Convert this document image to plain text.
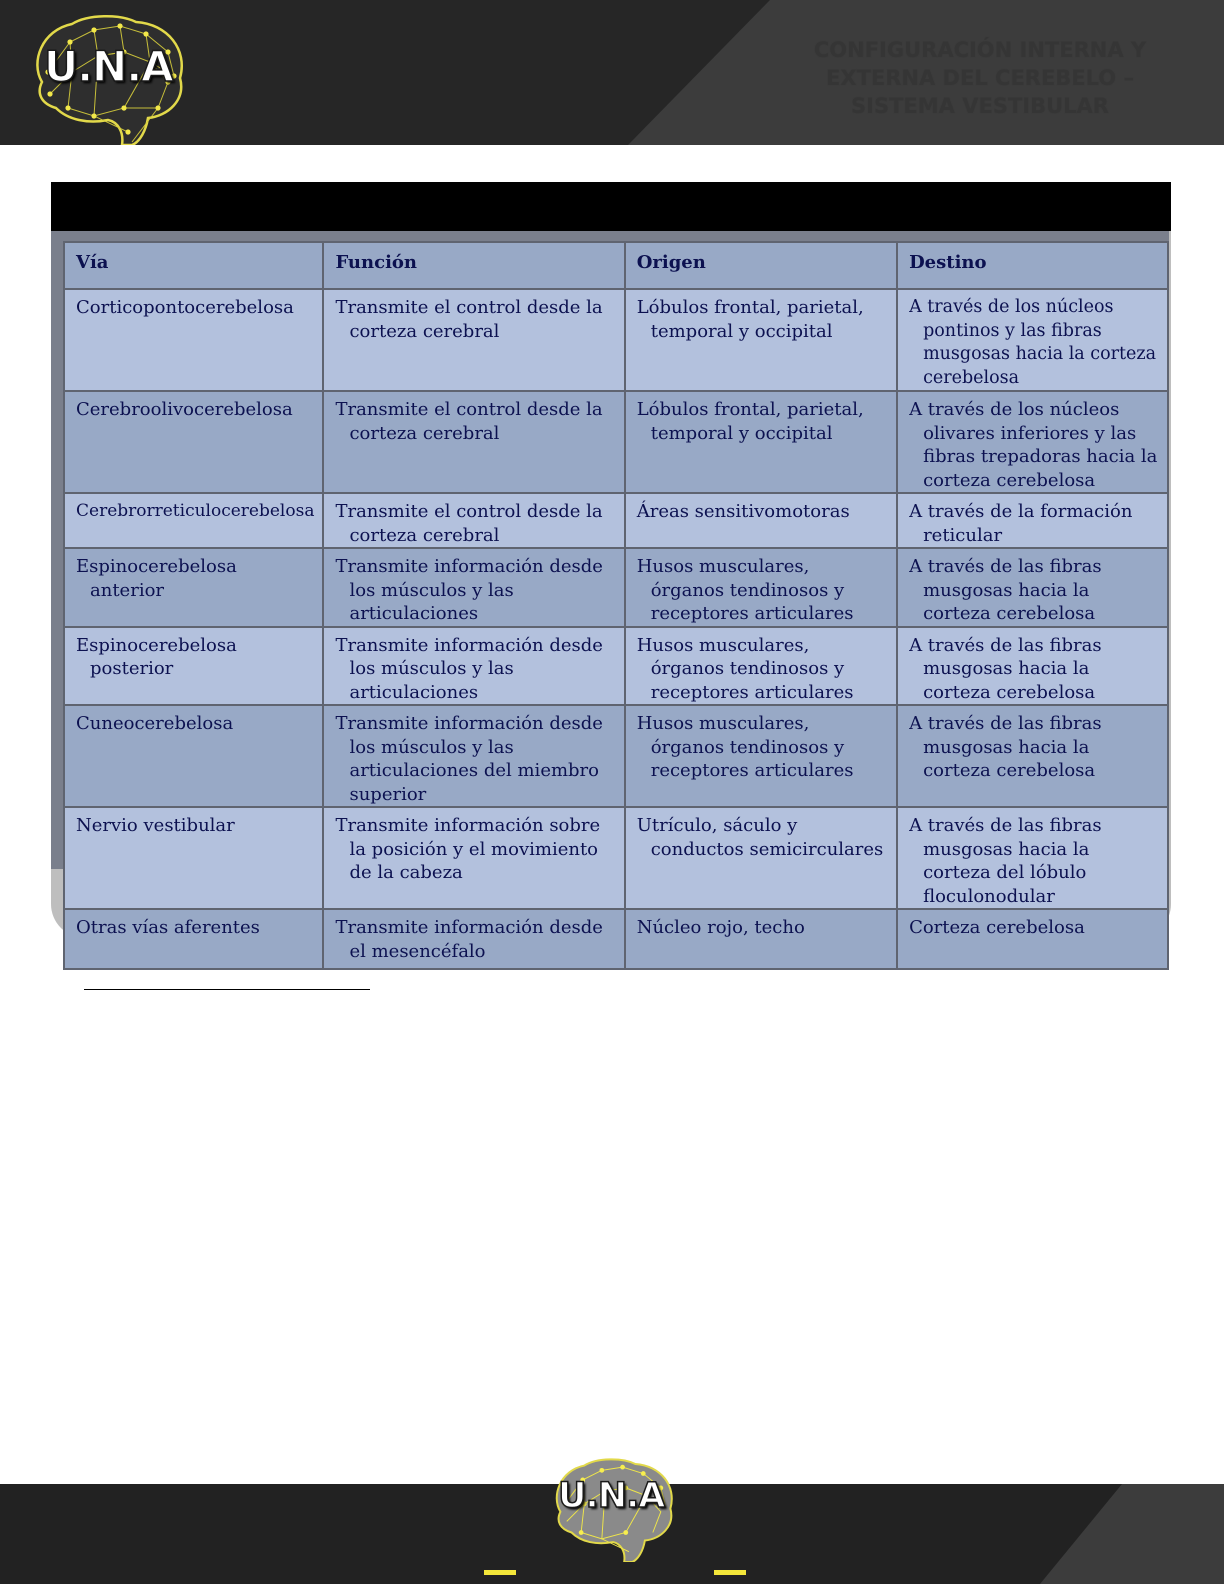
U.N.A	CONFIGURACIÓN INTERNA Y EXTERNA DEL CEREBELO – SISTEMA VESTIBULAR
Vía	Función	Origen	Destino

Corticopontocerebelosa	Transmite el control desde la corteza cerebral	Lóbulos frontal, parietal, temporal y occipital	A través de los núcleos pontinos y las fibras musgosas hacia la corteza cerebelosa

Cerebroolivocerebelosa	Transmite el control desde la corteza cerebral	Lóbulos frontal, parietal, temporal y occipital	A través de los núcleos olivares inferiores y las fibras trepadoras hacia la corteza cerebelosa

Cerebrorreticulocerebelosa	Transmite el control desde la corteza cerebral	Áreas sensitivomotoras	A través de la formación reticular

Espinocerebelosa anterior	Transmite información desde los músculos y las articulaciones	Husos musculares, órganos tendinosos y receptores articulares	A través de las fibras musgosas hacia la corteza cerebelosa

Espinocerebelosa posterior	Transmite información desde los músculos y las articulaciones	Husos musculares, órganos tendinosos y receptores articulares	A través de las fibras musgosas hacia la corteza cerebelosa

Cuneocerebelosa	Transmite información desde los músculos y las articulaciones del miembro superior	Husos musculares, órganos tendinosos y receptores articulares	A través de las fibras musgosas hacia la corteza cerebelosa

Nervio vestibular	Transmite información sobre la posición y el movimiento de la cabeza	Utrículo, sáculo y conductos semicirculares	A través de las fibras musgosas hacia la corteza del lóbulo floculonodular

Otras vías aferentes	Transmite información desde el mesencéfalo	Núcleo rojo, techo	Corteza cerebelosa
U.N.A
